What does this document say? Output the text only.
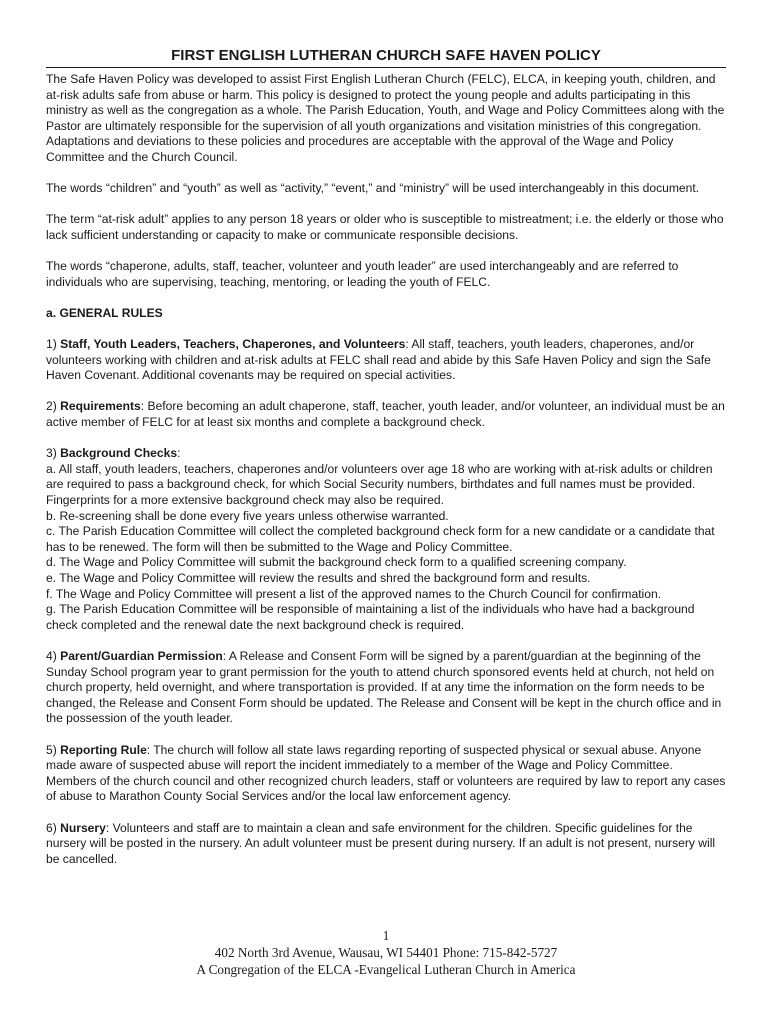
FIRST ENGLISH LUTHERAN CHURCH SAFE HAVEN POLICY

The Safe Haven Policy was developed to assist First English Lutheran Church (FELC), ELCA, in keeping youth, children, and at-risk adults safe from abuse or harm. This policy is designed to protect the young people and adults participating in this ministry as well as the congregation as a whole. The Parish Education, Youth, and Wage and Policy Committees along with the Pastor are ultimately responsible for the supervision of all youth organizations and visitation ministries of this congregation. Adaptations and deviations to these policies and procedures are acceptable with the approval of the Wage and Policy Committee and the Church Council.

The words “children” and “youth” as well as “activity,” “event,” and “ministry” will be used interchangeably in this document.

The term “at-risk adult” applies to any person 18 years or older who is susceptible to mistreatment; i.e. the elderly or those who lack sufficient understanding or capacity to make or communicate responsible decisions.

The words “chaperone, adults, staff, teacher, volunteer and youth leader” are used interchangeably and are referred to individuals who are supervising, teaching, mentoring, or leading the youth of FELC.

a. GENERAL RULES

1) Staff, Youth Leaders, Teachers, Chaperones, and Volunteers: All staff, teachers, youth leaders, chaperones, and/or volunteers working with children and at-risk adults at FELC shall read and abide by this Safe Haven Policy and sign the Safe Haven Covenant. Additional covenants may be required on special activities.

2) Requirements: Before becoming an adult chaperone, staff, teacher, youth leader, and/or volunteer, an individual must be an active member of FELC for at least six months and complete a background check.

3) Background Checks:

a. All staff, youth leaders, teachers, chaperones and/or volunteers over age 18 who are working with at-risk adults or children are required to pass a background check, for which Social Security numbers, birthdates and full names must be provided. Fingerprints for a more extensive background check may also be required.
b. Re-screening shall be done every five years unless otherwise warranted.
c. The Parish Education Committee will collect the completed background check form for a new candidate or a candidate that has to be renewed. The form will then be submitted to the Wage and Policy Committee.
d. The Wage and Policy Committee will submit the background check form to a qualified screening company.
e. The Wage and Policy Committee will review the results and shred the background form and results.
f. The Wage and Policy Committee will present a list of the approved names to the Church Council for confirmation.

g. The Parish Education Committee will be responsible of maintaining a list of the individuals who have had a background check completed and the renewal date the next background check is required.

4) Parent/Guardian Permission: A Release and Consent Form will be signed by a parent/guardian at the beginning of the Sunday School program year to grant permission for the youth to attend church sponsored events held at church, not held on church property, held overnight, and where transportation is provided. If at any time the information on the form needs to be changed, the Release and Consent Form should be updated. The Release and Consent will be kept in the church office and in the possession of the youth leader.

5) Reporting Rule: The church will follow all state laws regarding reporting of suspected physical or sexual abuse. Anyone made aware of suspected abuse will report the incident immediately to a member of the Wage and Policy Committee. Members of the church council and other recognized church leaders, staff or volunteers are required by law to report any cases of abuse to Marathon County Social Services and/or the local law enforcement agency.

6) Nursery: Volunteers and staff are to maintain a clean and safe environment for the children. Specific guidelines for the nursery will be posted in the nursery. An adult volunteer must be present during nursery. If an adult is not present, nursery will be cancelled.

1
402 North 3rd Avenue, Wausau, WI 54401 Phone: 715-842-5727
A Congregation of the ELCA -Evangelical Lutheran Church in America
